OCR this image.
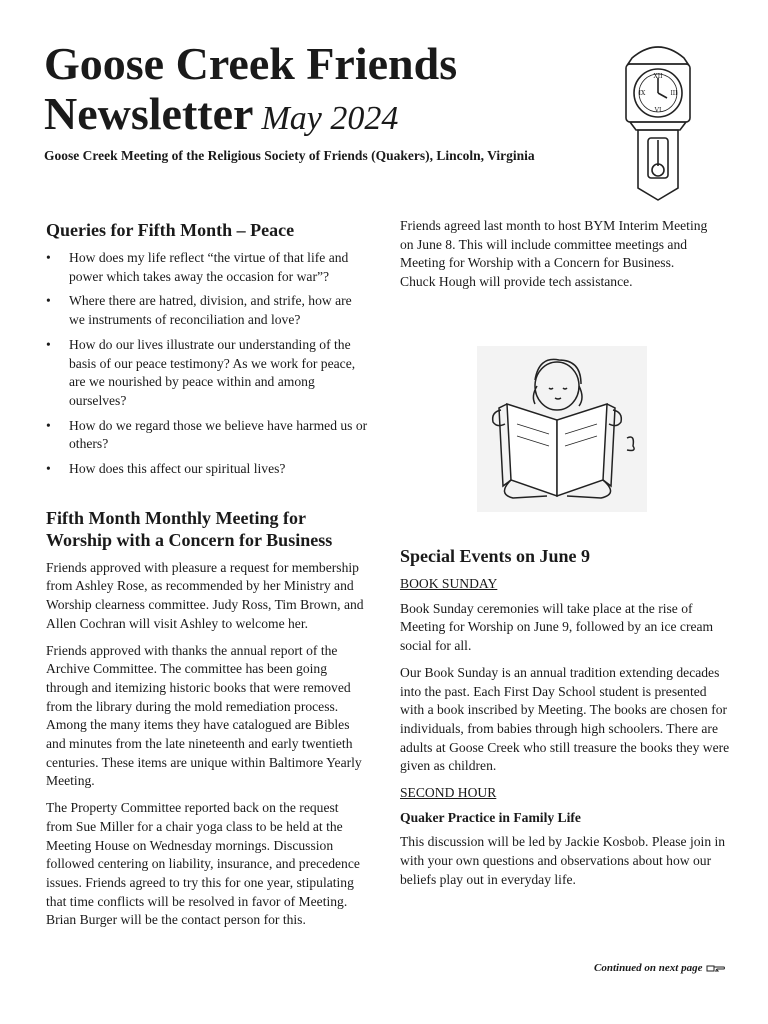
Goose Creek Friends
Newsletter May 2024
Goose Creek Meeting of the Religious Society of Friends (Quakers), Lincoln, Virginia
XII
III
VI
IX
Queries for Fifth Month – Peace
• How does my life reflect “the virtue of that life and power which takes away the occasion for war”?
• Where there are hatred, division, and strife, how are we instruments of reconciliation and love?
• How do our lives illustrate our understanding of the basis of our peace testimony? As we work for peace, are we nourished by peace within and among ourselves?
• How do we regard those we believe have harmed us or others?
• How does this affect our spiritual lives?
Fifth Month Monthly Meeting for Worship with a Concern for Business

Friends approved with pleasure a request for membership from Ashley Rose, as recommended by her Ministry and Worship clearness committee. Judy Ross, Tim Brown, and Allen Cochran will visit Ashley to welcome her.

Friends approved with thanks the annual report of the Archive Committee. The committee has been going through and itemizing historic books that were removed from the library during the mold remediation process. Among the many items they have catalogued are Bibles and minutes from the late nineteenth and early twentieth centuries. These items are unique within Baltimore Yearly Meeting.

The Property Committee reported back on the request from Sue Miller for a chair yoga class to be held at the Meeting House on Wednesday mornings. Discussion followed centering on liability, insurance, and precedence issues. Friends agreed to try this for one year, stipulating that time conflicts will be resolved in favor of Meeting. Brian Burger will be the contact person for this.

Friends agreed last month to host BYM Interim Meeting on June 8. This will include committee meetings and Meeting for Worship with a Concern for Business. Chuck Hough will provide tech assistance.

Special Events on June 9
BOOK SUNDAY

Book Sunday ceremonies will take place at the rise of Meeting for Worship on June 9, followed by an ice cream social for all.

Our Book Sunday is an annual tradition extending decades into the past. Each First Day School student is presented with a book inscribed by Meeting. The books are chosen for individuals, from babies through high schoolers. There are adults at Goose Creek who still treasure the books they were given as children.

SECOND HOUR
Quaker Practice in Family Life

This discussion will be led by Jackie Kosbob. Please join in with your own questions and observations about how our beliefs play out in everyday life.

Continued on next page
